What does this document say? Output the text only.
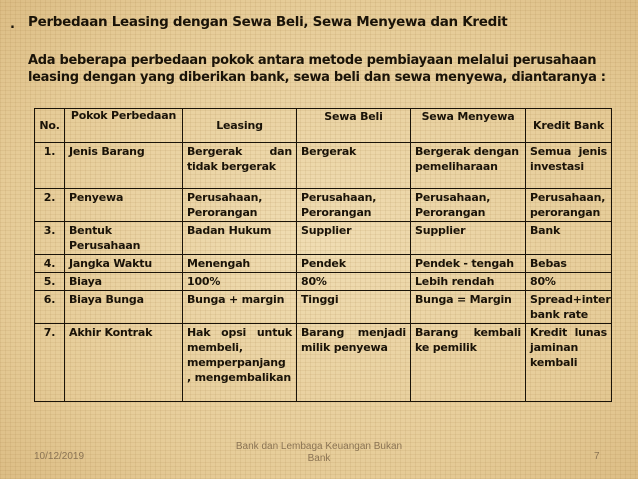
. Perbedaan Leasing dengan Sewa Beli, Sewa Menyewa dan Kredit
Ada beberapa perbedaan pokok antara metode pembiayaan melalui perusahaan leasing dengan yang diberikan bank, sewa beli dan sewa menyewa, diantaranya :
No.	Pokok Perbedaan	Leasing	Sewa Beli	Sewa Menyewa	Kredit Bank
1.	Jenis Barang	Bergerak dan tidak bergerak	Bergerak	Bergerak dengan pemeliharaan	Semua jenis investasi
2.	Penyewa	Perusahaan, Perorangan	Perusahaan, Perorangan	Perusahaan, Perorangan	Perusahaan, perorangan
3.	Bentuk Perusahaan	Badan Hukum	Supplier	Supplier	Bank
4.	Jangka Waktu	Menengah	Pendek	Pendek - tengah	Bebas
5.	Biaya	100%	80%	Lebih rendah	80%
6.	Biaya Bunga	Bunga + margin	Tinggi	Bunga = Margin	Spread+inter bank rate
7.	Akhir Kontrak	Hak opsi untuk membeli, memperpanjang , mengembalikan	Barang menjadi milik penyewa	Barang kembali ke pemilik	Kredit lunas jaminan kembali
10/12/2019
Bank dan Lembaga Keuangan Bukan Bank	7
